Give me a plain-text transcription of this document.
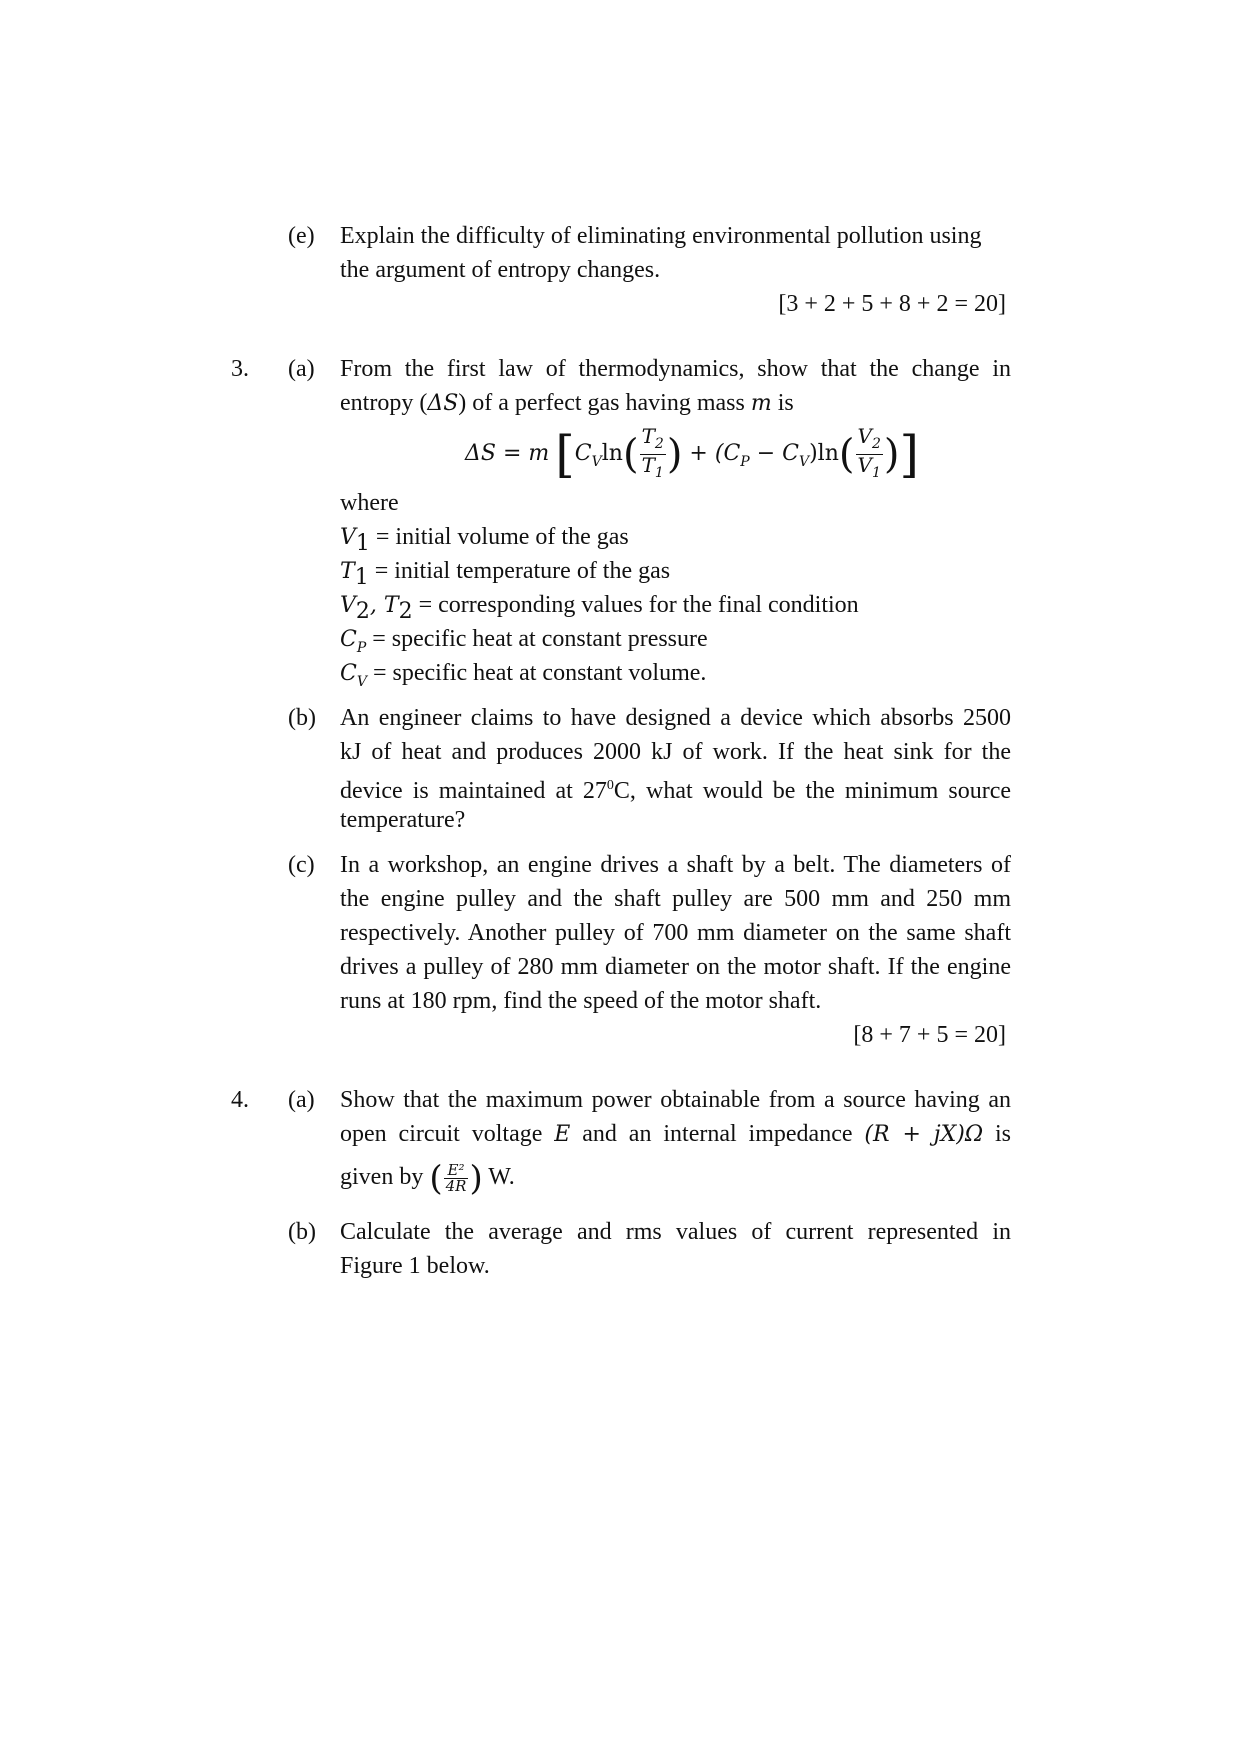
(e) Explain the difficulty of eliminating environmental pollution using
the argument of entropy changes.
[3 + 2 + 5 + 8 + 2 = 20]
3. (a) From the first law of thermodynamics, show that the change in
entropy (ΔS) of a perfect gas having mass m is
ΔS = m [$C_V\ln( \frac{T_2}{T_1}$ ) + $(C_P - C_V)\ln( \frac{V_2}{V_1}$ )]
where
$V_1$ = initial volume of the gas
$T_1$ = initial temperature of the gas
$V_2$, $T_2$ = corresponding values for the final condition
$C_P$ = specific heat at constant pressure
$C_V$ = specific heat at constant volume.
(b) An engineer claims to have designed a device which absorbs 2500
kJ of heat and produces 2000 kJ of work. If the heat sink for the
device is maintained at $27^0C$, what would be the minimum source
temperature?
(c) In a workshop, an engine drives a shaft by a belt. The diameters of
the engine pulley and the shaft pulley are 500 mm and 250 mm
respectively. Another pulley of 700 mm diameter on the same shaft
drives a pulley of 280 mm diameter on the motor shaft. If the engine
runs at 180 rpm, find the speed of the motor shaft.
[8 + 7 + 5 = 20]
4. (a) Show that the maximum power obtainable from a source having an
open circuit voltage E and an internal impedance (R + jX)Ω is
given by ( $\frac{\text{E²}}{4R}$ ) W.
(b) Calculate the average and rms values of current represented in
Figure 1 below.
